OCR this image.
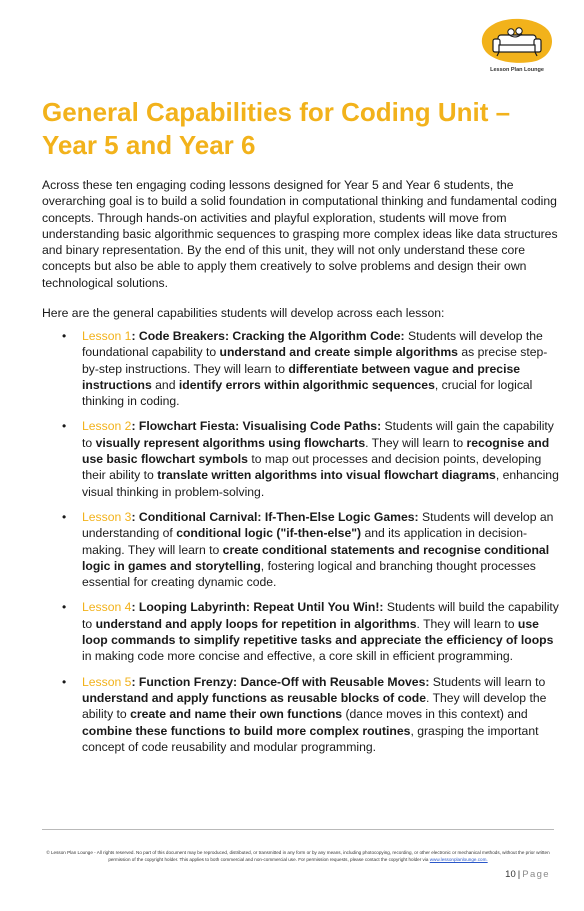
Lesson Plan Lounge
General Capabilities for Coding Unit –
Year 5 and Year 6

Across these ten engaging coding lessons designed for Year 5 and Year 6 students, the overarching goal is to build a solid foundation in computational thinking and fundamental coding concepts. Through hands-on activities and playful exploration, students will move from understanding basic algorithmic sequences to grasping more complex ideas like data structures and binary representation. By the end of this unit, they will not only understand these core concepts but also be able to apply them creatively to solve problems and design their own technological solutions.

Here are the general capabilities students will develop across each lesson:

• Lesson 1: Code Breakers: Cracking the Algorithm Code: Students will develop the foundational capability to understand and create simple algorithms as precise step-by-step instructions. They will learn to differentiate between vague and precise instructions and identify errors within algorithmic sequences, crucial for logical thinking in coding.
• Lesson 2: Flowchart Fiesta: Visualising Code Paths: Students will gain the capability to visually represent algorithms using flowcharts. They will learn to recognise and use basic flowchart symbols to map out processes and decision points, developing their ability to translate written algorithms into visual flowchart diagrams, enhancing visual thinking in problem-solving.
• Lesson 3: Conditional Carnival: If-Then-Else Logic Games: Students will develop an understanding of conditional logic ("if-then-else") and its application in decision-making. They will learn to create conditional statements and recognise conditional logic in games and storytelling, fostering logical and branching thought processes essential for creating dynamic code.
• Lesson 4: Looping Labyrinth: Repeat Until You Win!: Students will build the capability to understand and apply loops for repetition in algorithms. They will learn to use loop commands to simplify repetitive tasks and appreciate the efficiency of loops in making code more concise and effective, a core skill in efficient programming.
• Lesson 5: Function Frenzy: Dance-Off with Reusable Moves: Students will learn to understand and apply functions as reusable blocks of code. They will develop the ability to create and name their own functions (dance moves in this context) and combine these functions to build more complex routines, grasping the important concept of code reusability and modular programming.

© Lesson Plan Lounge - All rights reserved. No part of this document may be reproduced, distributed, or transmitted in any form or by any means, including photocopying, recording, or other electronic or mechanical methods, without the prior written permission of the copyright holder. This applies to both commercial and non-commercial use. For permission requests, please contact the copyright holder via www.lessonplanlounge.com.

10 | Page
